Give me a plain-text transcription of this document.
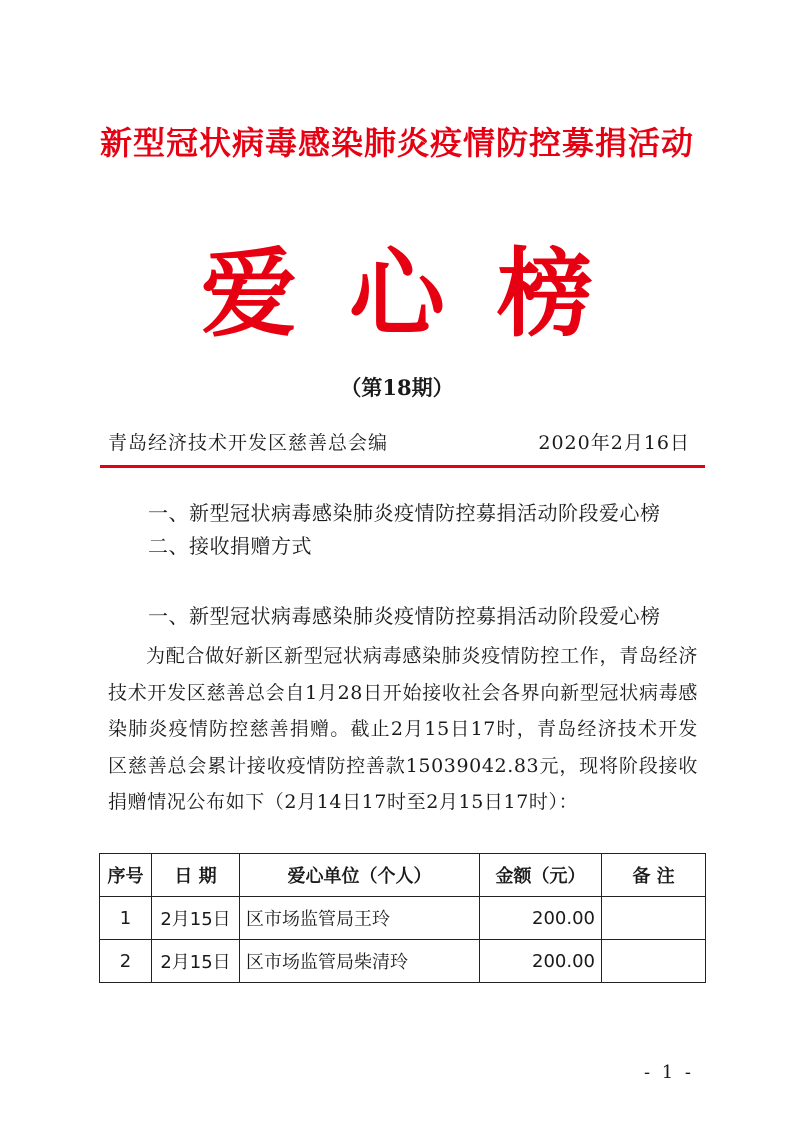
新型冠状病毒感染肺炎疫情防控募捐活动
爱心榜
（第18期）
青岛经济技术开发区慈善总会编	2020年2月16日
一、新型冠状病毒感染肺炎疫情防控募捐活动阶段爱心榜
二、接收捐赠方式
一、新型冠状病毒感染肺炎疫情防控募捐活动阶段爱心榜
为配合做好新区新型冠状病毒感染肺炎疫情防控工作，青岛经济技术开发区慈善总会自1月28日开始接收社会各界向新型冠状病毒感染肺炎疫情防控慈善捐赠。截止2月15日17时，青岛经济技术开发区慈善总会累计接收疫情防控善款15039042.83元，现将阶段接收捐赠情况公布如下（2月14日17时至2月15日17时）：
序号	日 期	爱心单位（个人）	金额（元）	备 注
1	2月15日	区市场监管局王玲	200.00	
2	2月15日	区市场监管局柴清玲	200.00	
- 1 -
